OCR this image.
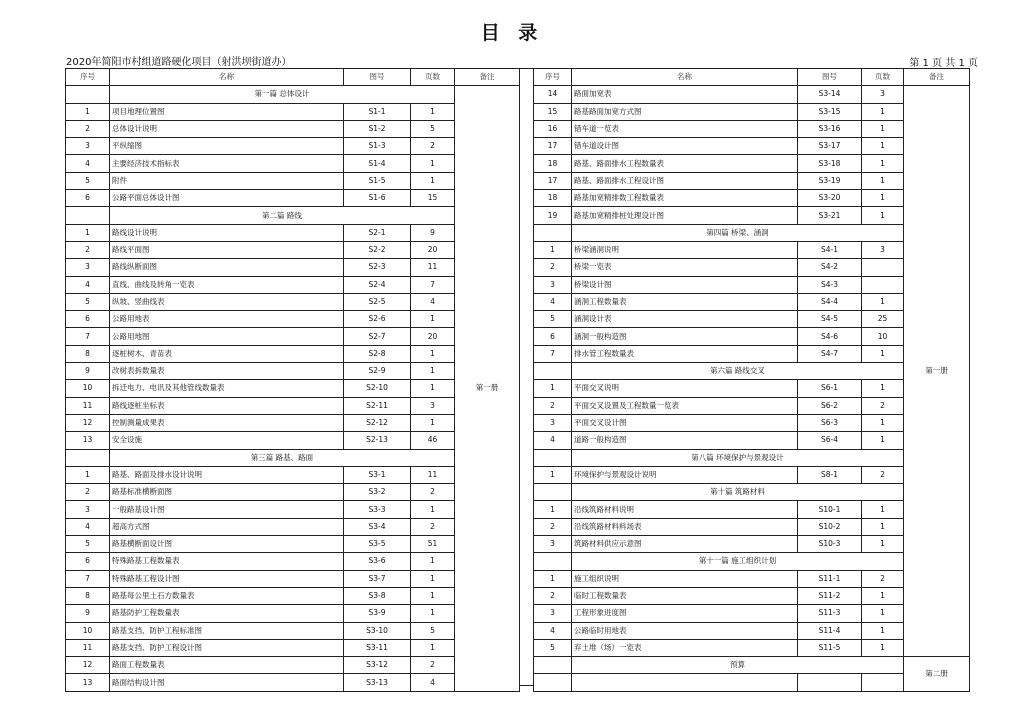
目 录
2020年简阳市村组道路硬化项目（射洪坝街道办）	第 1 页 共 1 页
序号	名称	图号	页数	备注
	第一篇 总体设计			第一册
1	项目地理位置图	S1-1	1	
2	总体设计说明	S1-2	5	
3	平纵缩图	S1-3	2	
4	主要经济技术指标表	S1-4	1	
5	附件	S1-5	1	
6	公路平面总体设计图	S1-6	15	
	第二篇 路线			
1	路线设计说明	S2-1	9	
2	路线平面图	S2-2	20	
3	路线纵断面图	S2-3	11	
4	直线、曲线及转角一览表	S2-4	7	
5	纵坡、竖曲线表	S2-5	4	
6	公路用地表	S2-6	1	
7	公路用地图	S2-7	20	
8	逐桩树木、青苗表	S2-8	1	
9	改树表拆数量表	S2-9	1	
10	拆迁电力、电讯及其他管线数量表	S2-10	1	
11	路线逐桩坐标表	S2-11	3	
12	控制测量成果表	S2-12	1	
13	安全设施	S2-13	46	
	第三篇 路基、路面			
1	路基、路面及排水设计说明	S3-1	11	
2	路基标准横断面图	S3-2	2	
3	一般路基设计图	S3-3	1	
4	超高方式图	S3-4	2	
5	路基横断面设计图	S3-5	51	
6	特殊路基工程数量表	S3-6	1	
7	特殊路基工程设计图	S3-7	1	
8	路基每公里土石方数量表	S3-8	1	
9	路基防护工程数量表	S3-9	1	
10	路基支挡、防护工程标准图	S3-10	5	
11	路基支挡、防护工程设计图	S3-11	1	
12	路面工程数量表	S3-12	2	
13	路面结构设计图	S3-13	4	
序号	名称	图号	页数	备注
14	路面加宽表	S3-14	3	第一册
15	路基路面加宽方式图	S3-15	1	
16	错车道一览表	S3-16	1	
17	错车道设计图	S3-17	1	
18	路基、路面排水工程数量表	S3-18	1	
17	路基、路面排水工程设计图	S3-19	1	
18	路基加宽精排数工程数量表	S3-20	1	
19	路基加宽精排桩处理设计图	S3-21	1	
	第四篇 桥梁、涵洞			
1	桥梁涵洞说明	S4-1	3	
2	桥梁一览表	S4-2		
3	桥梁设计图	S4-3		
4	涵洞工程数量表	S4-4	1	
5	涵洞设计表	S4-5	25	
6	涵洞一般构造图	S4-6	10	
7	排水管工程数量表	S4-7	1	
	第六篇 路线交叉			
1	平面交叉说明	S6-1	1	
2	平面交叉设置及工程数量一览表	S6-2	2	
3	平面交叉设计图	S6-3	1	
4	道路一般构造图	S6-4	1	
	第八篇 环境保护与景观设计			
1	环境保护与景观设计说明	S8-1	2	
	第十篇 筑路材料			
1	沿线筑路材料说明	S10-1	1	
2	沿线筑路材料料场表	S10-2	1	
3	筑路材料供应示意图	S10-3	1	
	第十一篇 施工组织计划			
1	施工组织说明	S11-1	2	
2	临时工程数量表	S11-2	1	
3	工程形象进度图	S11-3	1	
4	公路临时用地表	S11-4	1	
5	弃土堆（场）一览表	S11-5	1	
	预算			第二册
